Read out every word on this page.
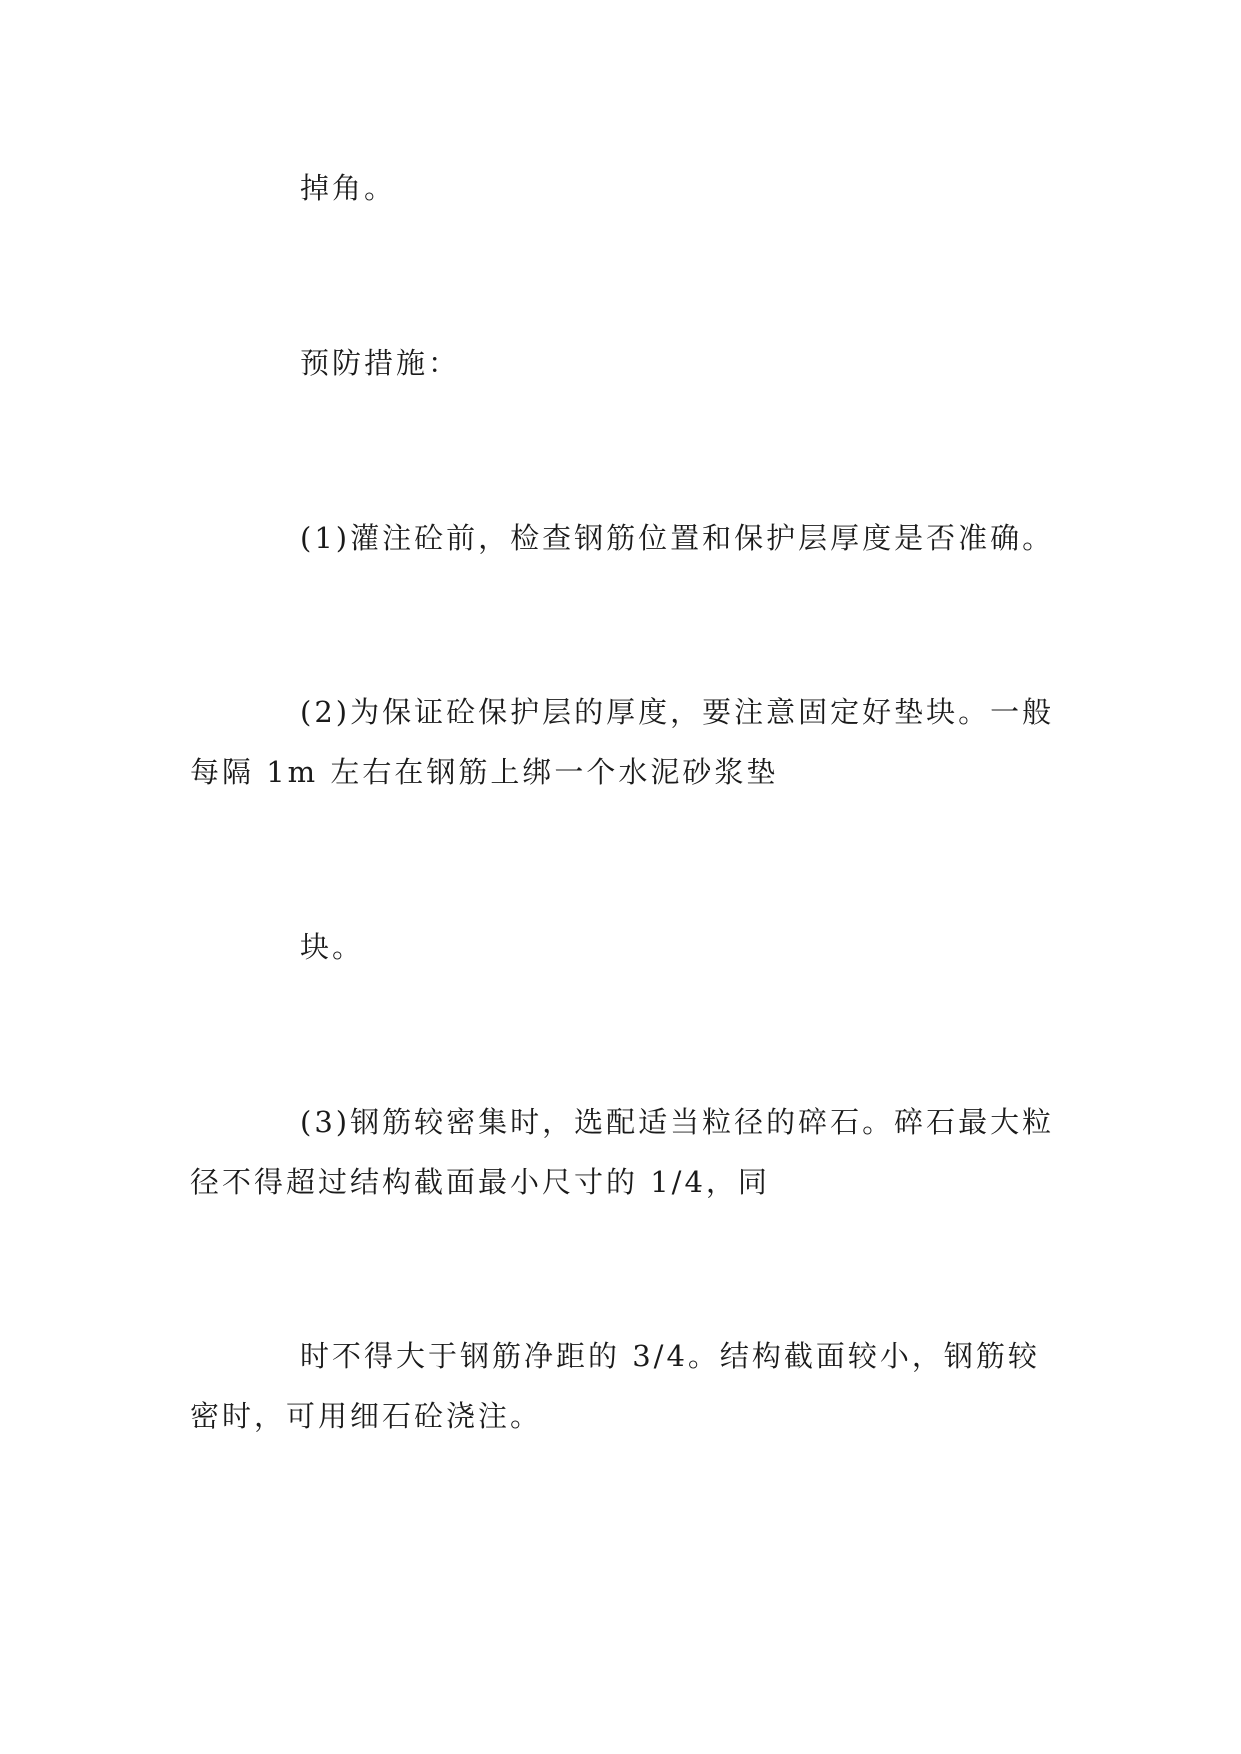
掉角。

预防措施：

(1)灌注砼前，检查钢筋位置和保护层厚度是否准确。

(2)为保证砼保护层的厚度，要注意固定好垫块。一般每隔 1m 左右在钢筋上绑一个水泥砂浆垫

块。

(3)钢筋较密集时，选配适当粒径的碎石。碎石最大粒径不得超过结构截面最小尺寸的 1/4，同

时不得大于钢筋净距的 3/4。结构截面较小，钢筋较密时，可用细石砼浇注。
